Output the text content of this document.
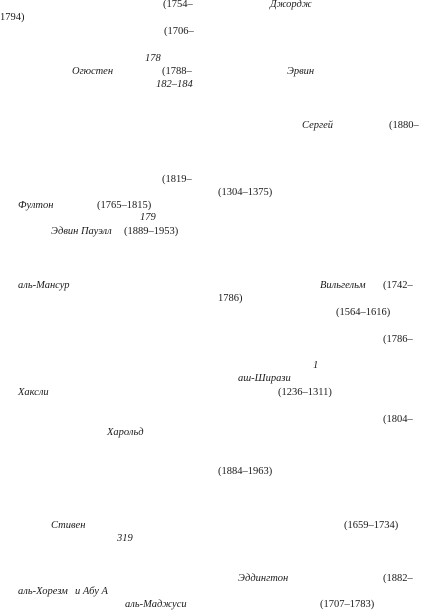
(1754–	Джордж
1794)
(1706–
178
Огюстен	(1788–	Эрвин
182–184
Сергей	(1880–
(1819–
(1304–1375)
Фултон	(1765–1815)
179
Эдвин Пауэлл (1889–1953)
аль-Мансур	Вильгельм (1742–
1786)
(1564–1616)
(1786–
1
аш-Ширази
Хаксли	(1236–1311)
(1804–
Харольд
(1884–1963)
Стивен	(1659–1734)
319
Эддингтон	(1882–
аль-Хорезм и Абу А
аль-Маджуси	(1707–1783)
